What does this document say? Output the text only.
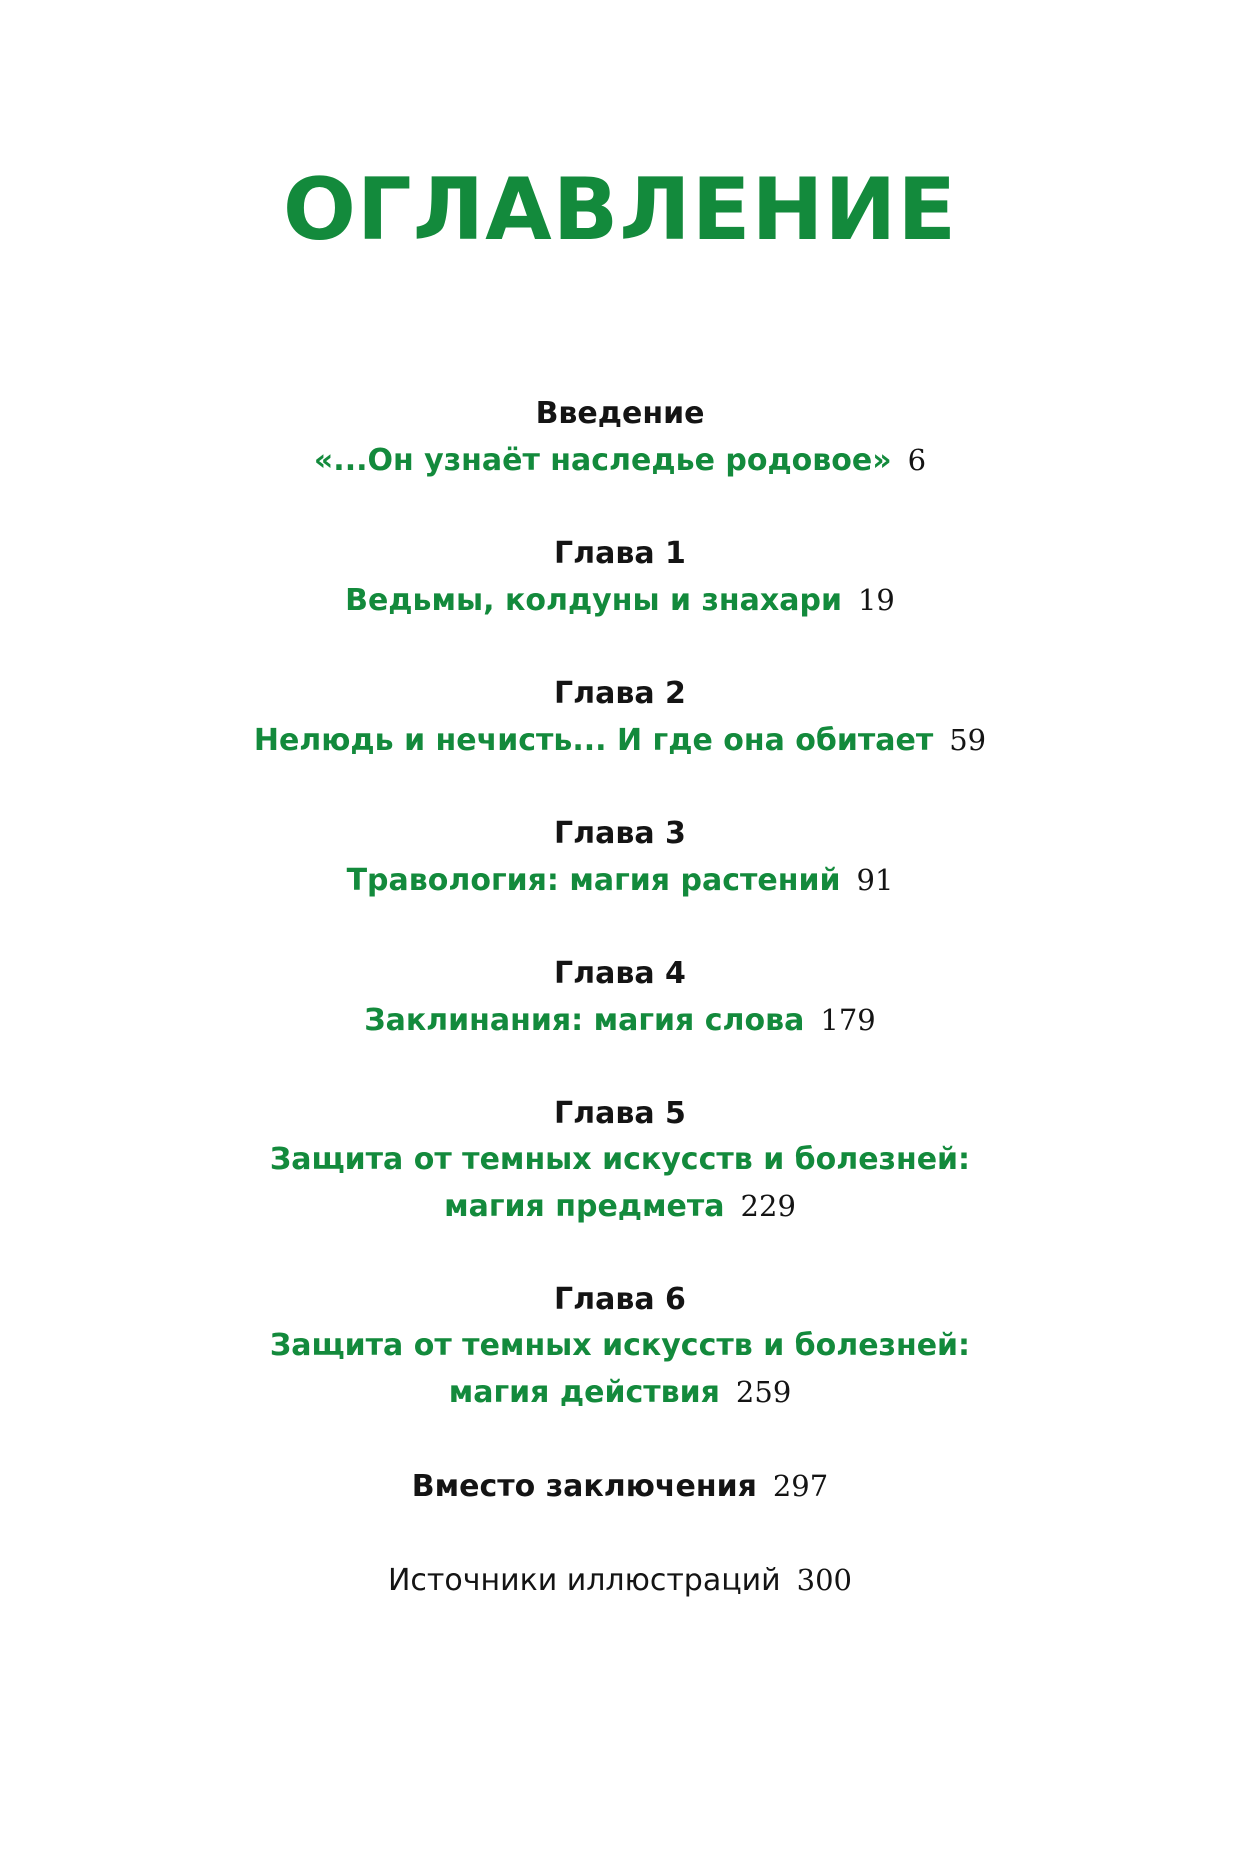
ОГЛАВЛЕНИЕ
Введение
«...Он узнаёт наследье родовое» 6
Глава 1
Ведьмы, колдуны и знахари 19
Глава 2
Нелюдь и нечисть... И где она обитает 59
Глава 3
Травология: магия растений 91
Глава 4
Заклинания: магия слова 179
Глава 5
Защита от темных искусств и болезней:
магия предмета 229
Глава 6
Защита от темных искусств и болезней:
магия действия 259
Вместо заключения 297
Источники иллюстраций 300
